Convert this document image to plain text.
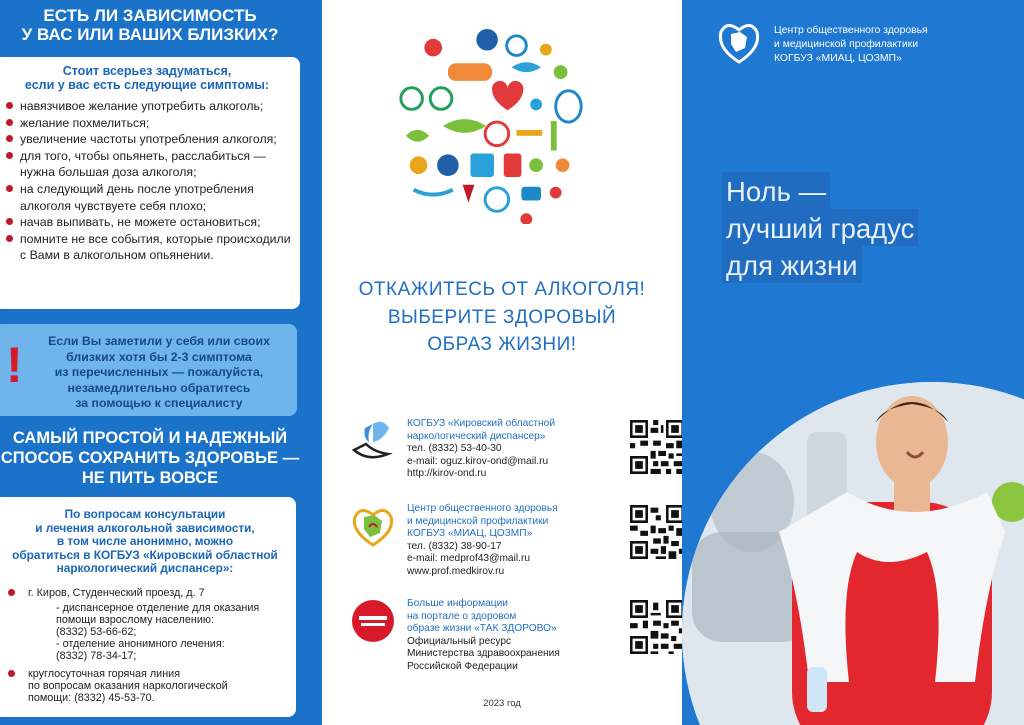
ЕСТЬ ЛИ ЗАВИСИМОСТЬ
У ВАС ИЛИ ВАШИХ БЛИЗКИХ?
Стоит всерьез задуматься,
если у вас есть следующие симптомы:
навязчивое желание употребить алкоголь;
желание похмелиться;
увеличение частоты употребления алкоголя;
для того, чтобы опьянеть, расслабиться — нужна большая доза алкоголя;
на следующий день после употребления алкоголя чувствуете себя плохо;
начав выпивать, не можете остановиться;
помните не все события, которые происходили с Вами в алкогольном опьянении.
!	Если Вы заметили у себя или своих
близких хотя бы 2-3 симптома
из перечисленных — пожалуйста,
незамедлительно обратитесь
за помощью к специалисту
САМЫЙ ПРОСТОЙ И НАДЕЖНЫЙ
СПОСОБ СОХРАНИТЬ ЗДОРОВЬЕ —
НЕ ПИТЬ ВОВСЕ
По вопросам консультации
и лечения алкогольной зависимости,
в том числе анонимно, можно
обратиться в КОГБУЗ «Кировский областной
наркологический диспансер»:
г. Киров, Студенческий проезд, д. 7
- диспансерное отделение для оказания
помощи взрослому населению:
(8332) 53-66-62;
- отделение анонимного лечения:
(8332) 78-34-17;
круглосуточная горячая линия
по вопросам оказания наркологической
помощи: (8332) 45-53-70.
ОТКАЖИТЕСЬ ОТ АЛКОГОЛЯ!
ВЫБЕРИТЕ ЗДОРОВЫЙ
ОБРАЗ ЖИЗНИ!
КОГБУЗ «Кировский областной
наркологический диспансер»
тел. (8332) 53-40-30
e-mail: oguz.kirov-ond@mail.ru
http://kirov-ond.ru
Центр общественного здоровья
и медицинской профилактики
КОГБУЗ «МИАЦ, ЦОЗМП»
тел. (8332) 38-90-17
e-mail: medprof43@mail.ru
www.prof.medkirov.ru
Больше информации
на портале о здоровом
образе жизни «ТАК ЗДОРОВО»
Официальный ресурс
Министерства здравоохранения
Российской Федерации
2023 год
Центр общественного здоровья
и медицинской профилактики
КОГБУЗ «МИАЦ, ЦОЗМП»
Ноль —
лучший градус
для жизни
